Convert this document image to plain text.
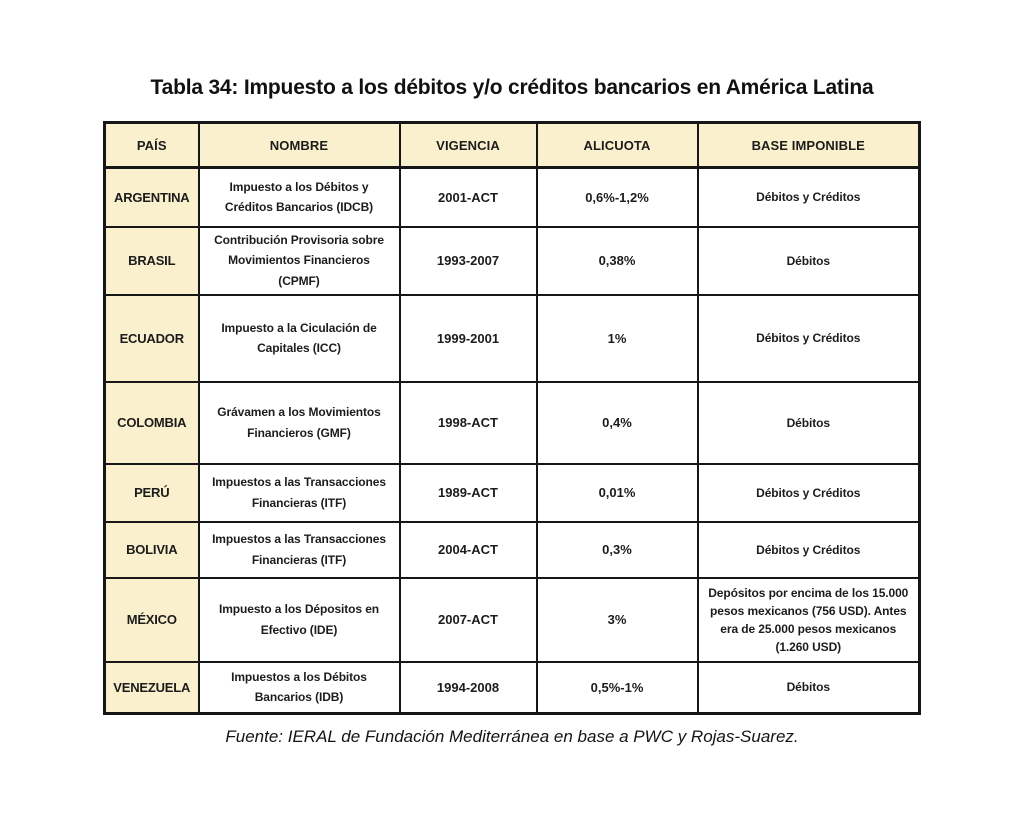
Tabla 34: Impuesto a los débitos y/o créditos bancarios en América Latina
PAÍS	NOMBRE	VIGENCIA	ALICUOTA	BASE IMPONIBLE
ARGENTINA	Impuesto a los Débitos y Créditos Bancarios (IDCB)	2001-ACT	0,6%-1,2%	Débitos y Créditos
BRASIL	Contribución Provisoria sobre Movimientos Financieros (CPMF)	1993-2007	0,38%	Débitos
ECUADOR	Impuesto a la Ciculación de Capitales (ICC)	1999-2001	1%	Débitos y Créditos
COLOMBIA	Grávamen a los Movimientos Financieros (GMF)	1998-ACT	0,4%	Débitos
PERÚ	Impuestos a las Transacciones Financieras (ITF)	1989-ACT	0,01%	Débitos y Créditos
BOLIVIA	Impuestos a las Transacciones Financieras (ITF)	2004-ACT	0,3%	Débitos y Créditos
MÉXICO	Impuesto a los Dépositos en Efectivo (IDE)	2007-ACT	3%	Depósitos por encima de los 15.000 pesos mexicanos (756 USD). Antes era de 25.000 pesos mexicanos (1.260 USD)
VENEZUELA	Impuestos a los Débitos Bancarios (IDB)	1994-2008	0,5%-1%	Débitos
Fuente: IERAL de Fundación Mediterránea en base a PWC y Rojas-Suarez.
